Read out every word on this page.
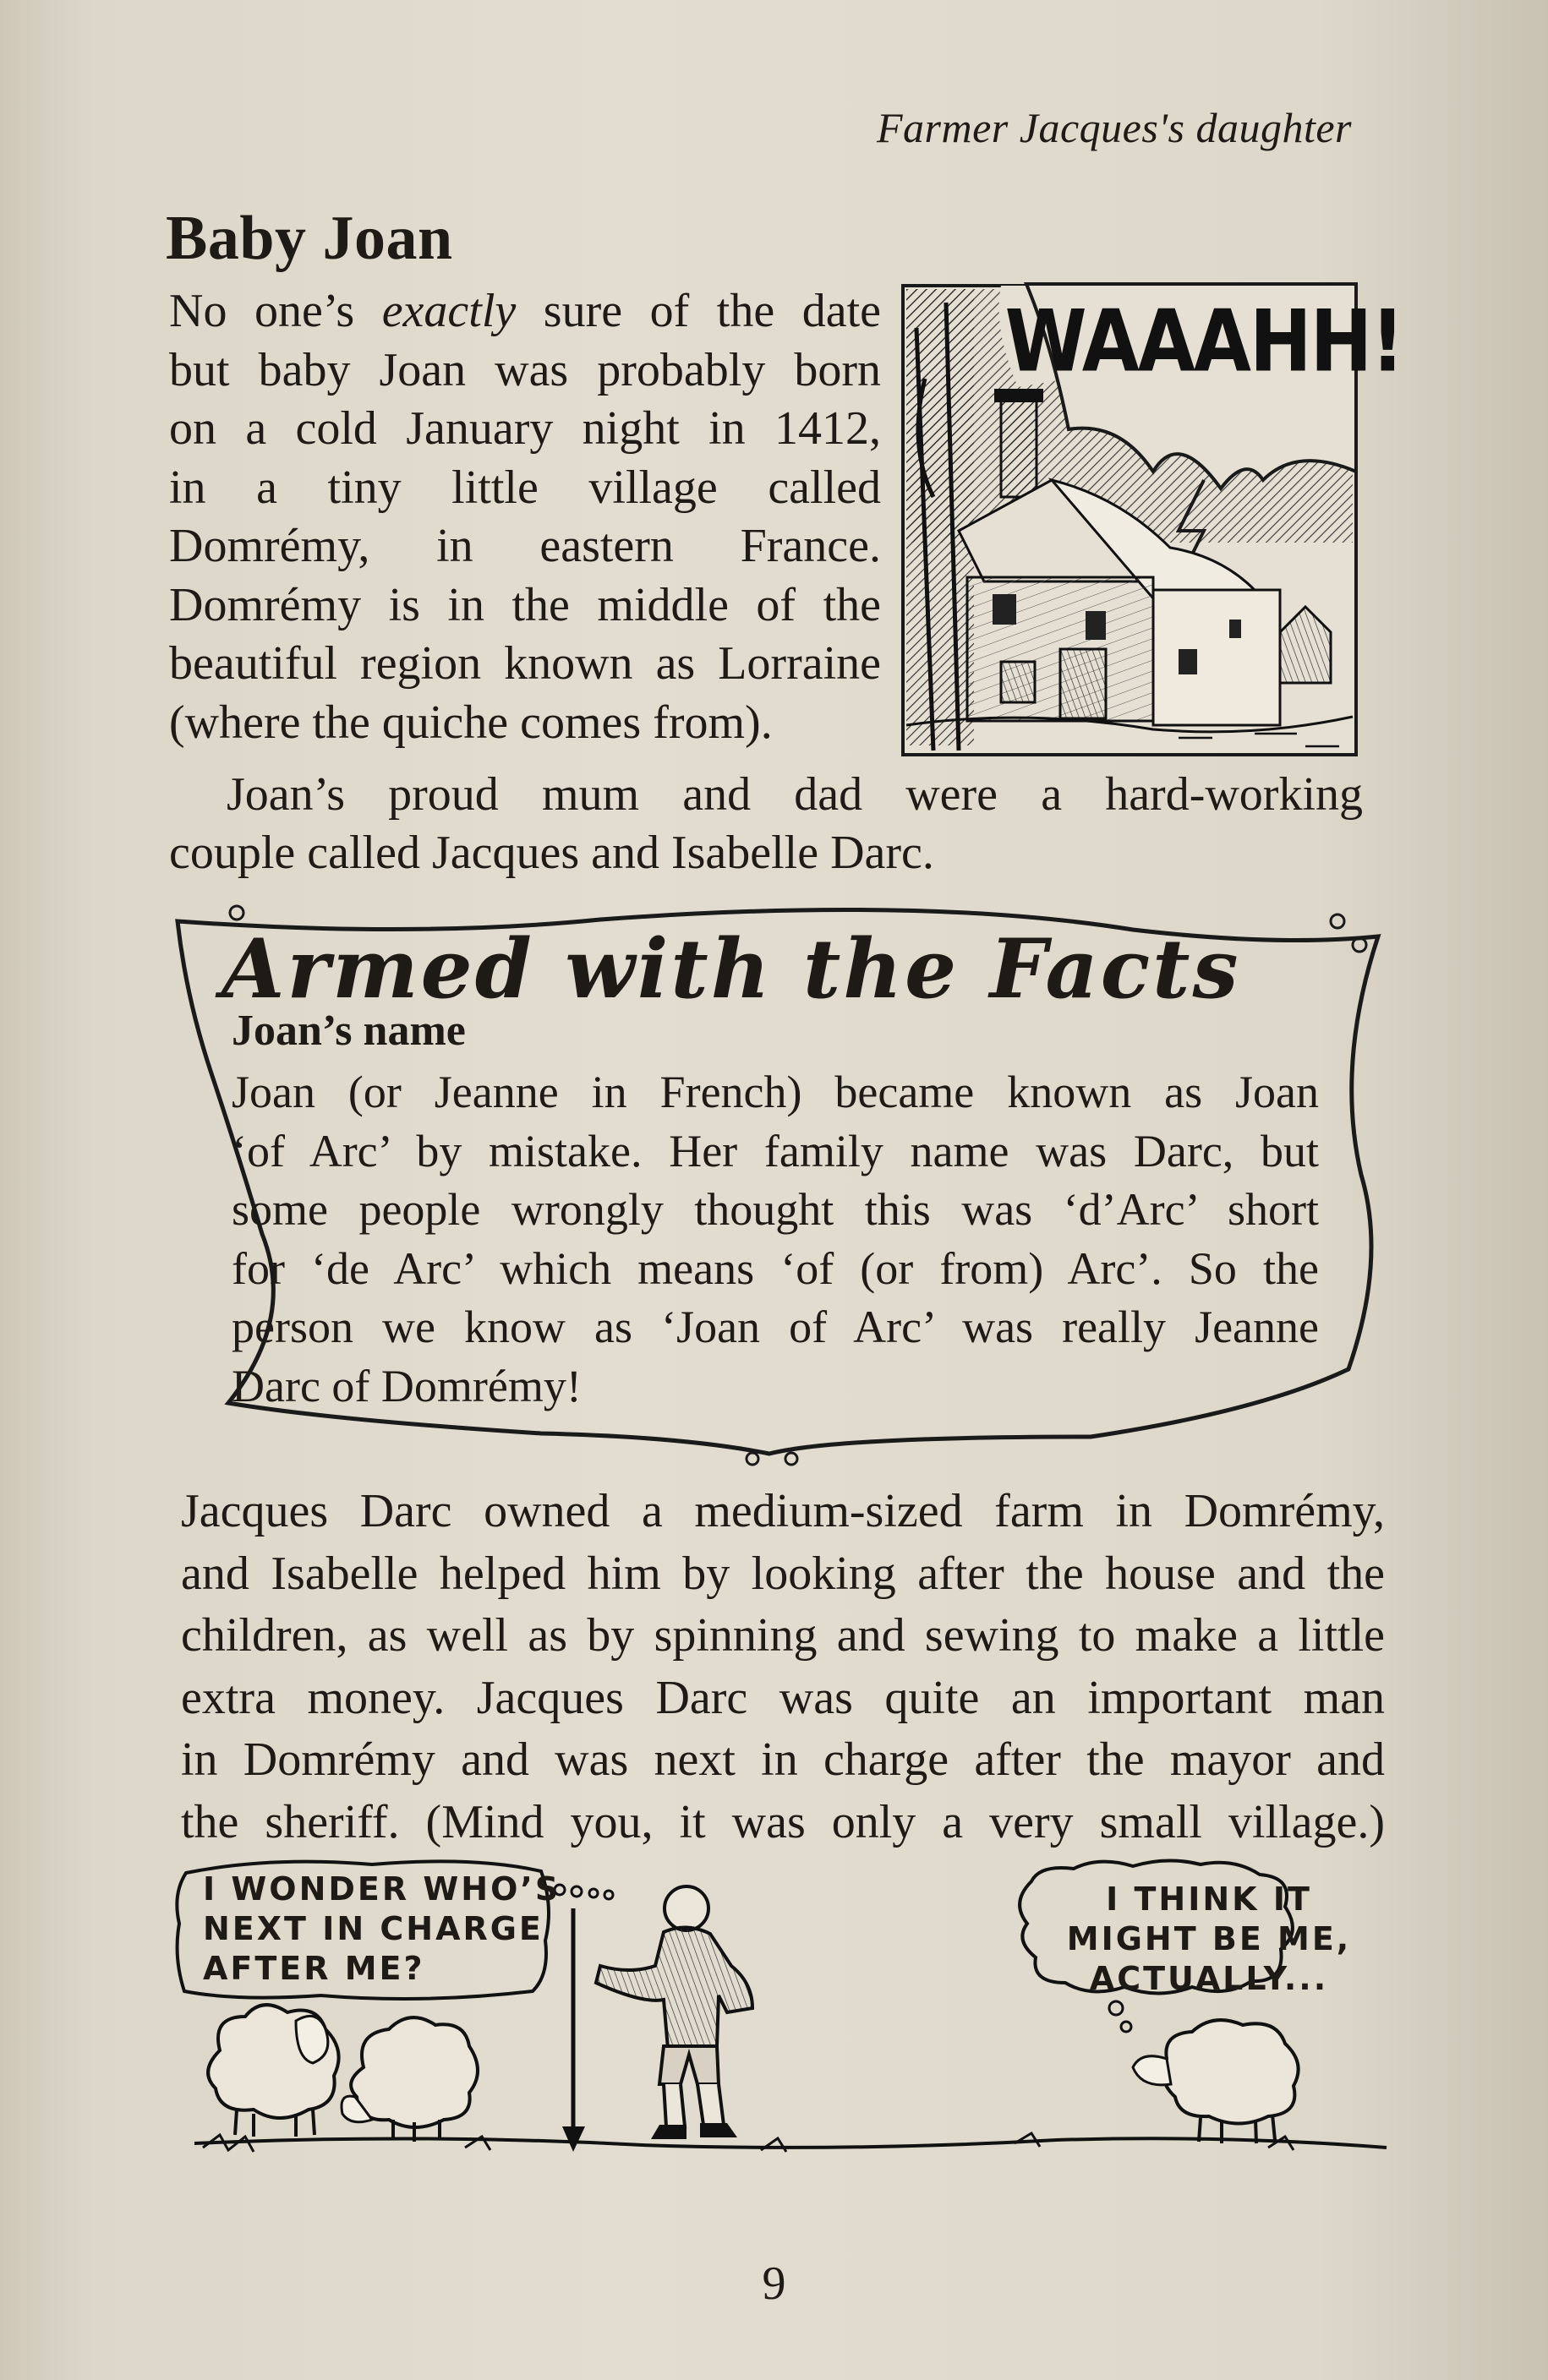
Farmer Jacques's daughter
Baby Joan
No one’s exactly sure of the date
but baby Joan was probably born
on a cold January night in 1412,
in a tiny little village called
Domrémy, in eastern France.
Domrémy is in the middle of the
beautiful region known as Lorraine
(where the quiche comes from).
WAAAHH!
Joan’s proud mum and dad were a hard-working
couple called Jacques and Isabelle Darc.
Armed with the Facts
Joan’s name
Joan (or Jeanne in French) became known as Joan
‘of Arc’ by mistake. Her family name was Darc, but
some people wrongly thought this was ‘d’Arc’ short
for ‘de Arc’ which means ‘of (or from) Arc’. So the
person we know as ‘Joan of Arc’ was really Jeanne
Darc of Domrémy!
Jacques Darc owned a medium-sized farm in Domrémy,
and Isabelle helped him by looking after the house and the
children, as well as by spinning and sewing to make a little
extra money. Jacques Darc was quite an important man
in Domrémy and was next in charge after the mayor and
the sheriff. (Mind you, it was only a very small village.)
I WONDER WHO’S
NEXT IN CHARGE
AFTER ME?
I THINK IT
MIGHT BE ME,
ACTUALLY...
9
